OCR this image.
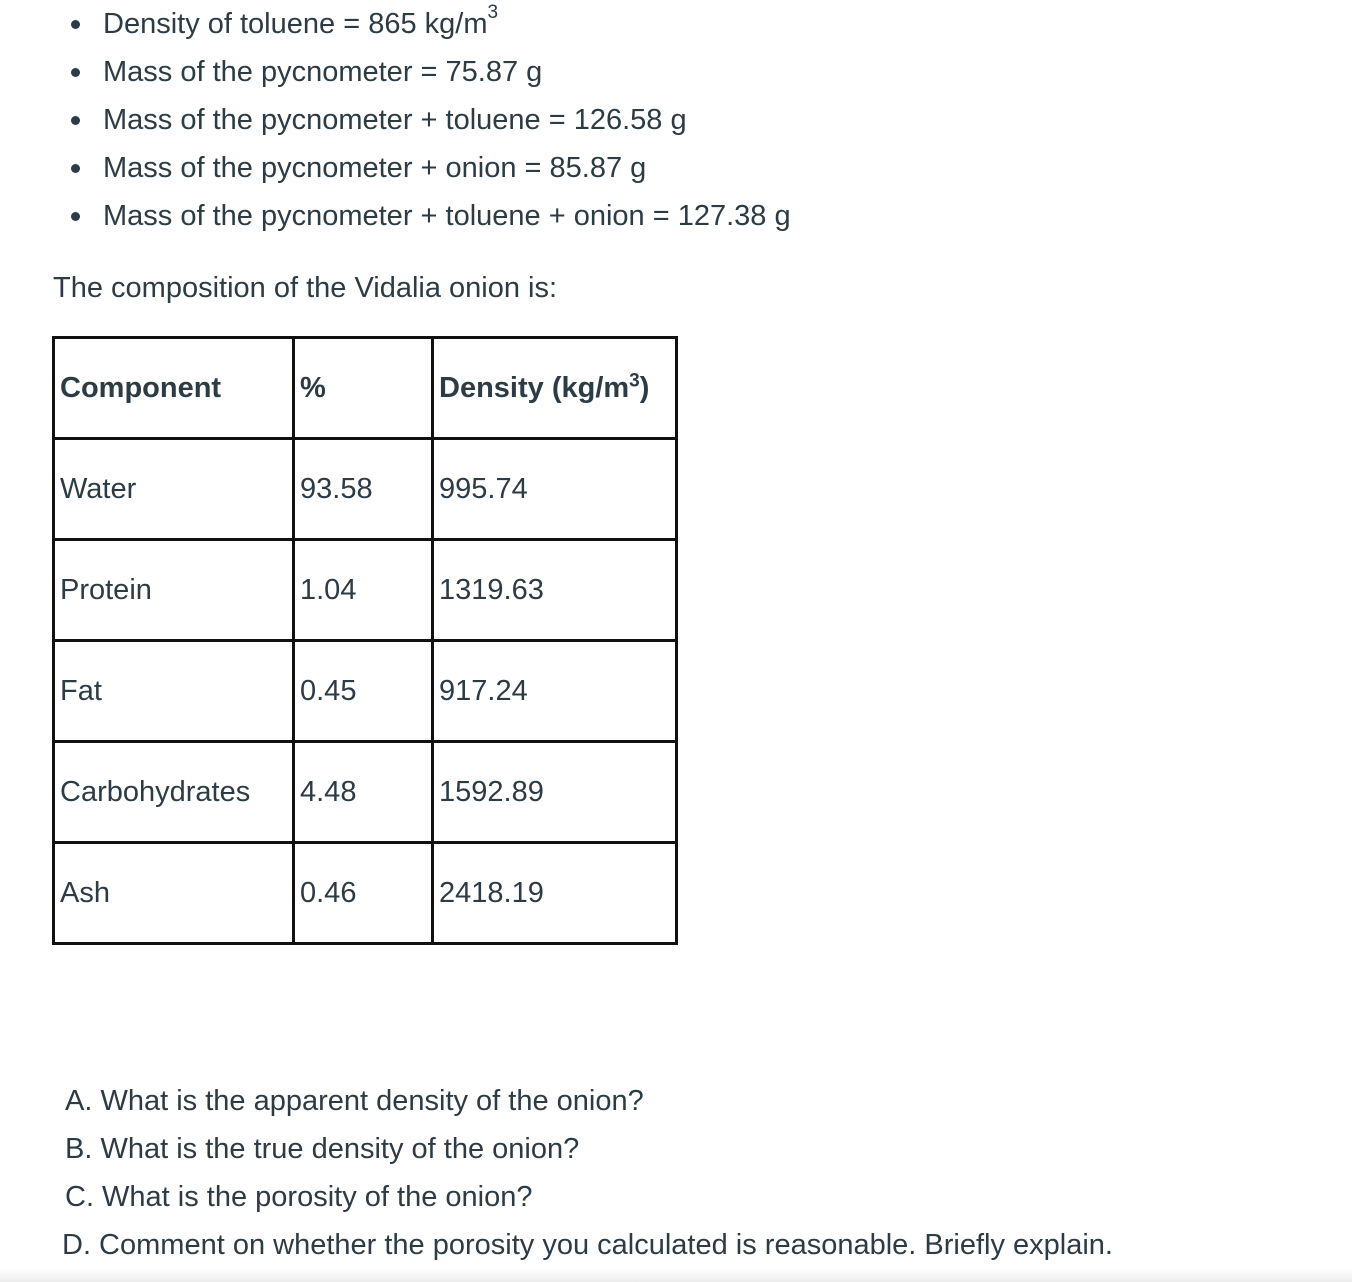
Density of toluene = 865 $kg/m^3$
Mass of the pycnometer = 75.87 g
Mass of the pycnometer + toluene = 126.58 g
Mass of the pycnometer + onion = 85.87 g
Mass of the pycnometer + toluene + onion = 127.38 g
The composition of the Vidalia onion is:
Component	%	Density $(kg/m^3)$
Water	93.58	995.74
Protein	1.04	1319.63
Fat	0.45	917.24
Carbohydrates	4.48	1592.89
Ash	0.46	2418.19
A. What is the apparent density of the onion?
B. What is the true density of the onion?
C. What is the porosity of the onion?
D. Comment on whether the porosity you calculated is reasonable. Briefly explain.
